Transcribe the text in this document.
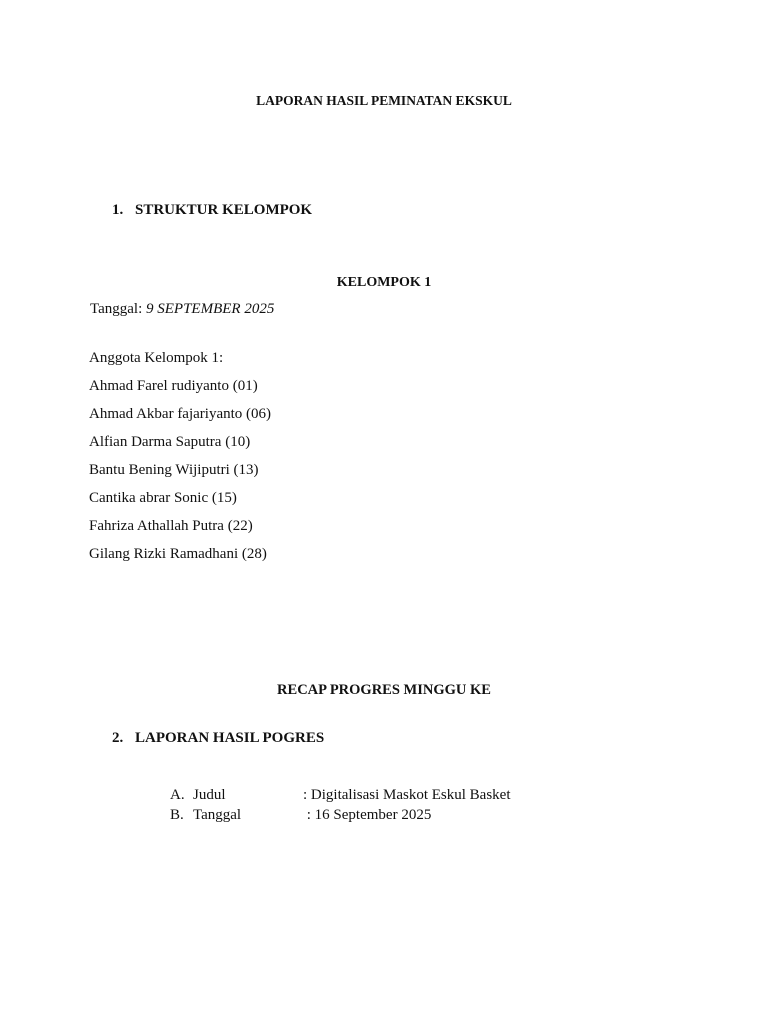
LAPORAN HASIL PEMINATAN EKSKUL
1. STRUKTUR KELOMPOK
KELOMPOK 1
Tanggal: 9 SEPTEMBER 2025
Anggota Kelompok 1:
Ahmad Farel rudiyanto (01)
Ahmad Akbar fajariyanto (06)
Alfian Darma Saputra (10)
Bantu Bening Wijiputri (13)
Cantika abrar Sonic (15)
Fahriza Athallah Putra (22)
Gilang Rizki Ramadhani (28)
RECAP PROGRES MINGGU KE
2. LAPORAN HASIL POGRES
A. Judul	: Digitalisasi Maskot Eskul Basket
B. Tanggal	: 16 September 2025
